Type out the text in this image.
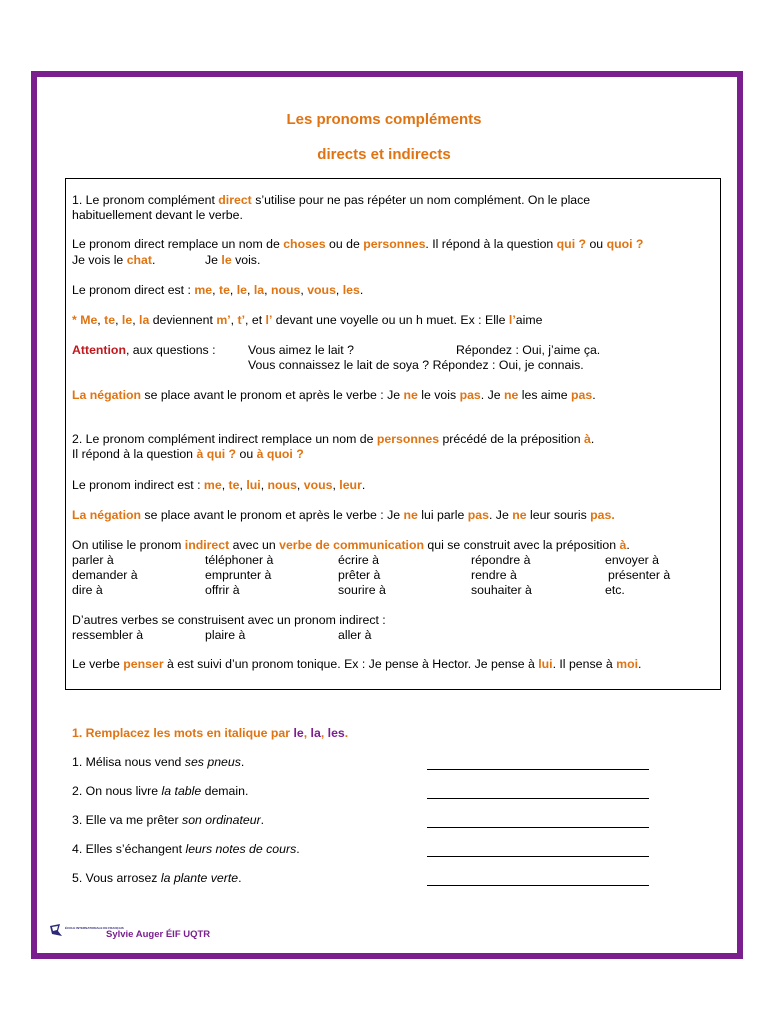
Les pronoms compléments
directs et indirects
1. Le pronom complément direct s’utilise pour ne pas répéter un nom complément. On le place
habituellement devant le verbe.
Le pronom direct remplace un nom de choses ou de personnes. Il répond à la question qui ? ou quoi ?
Je vois le chat.	Je le vois.
Le pronom direct est : me, te, le, la, nous, vous, les.
* Me, te, le, la deviennent m’, t’, et l’ devant une voyelle ou un h muet. Ex : Elle l’aime
Attention, aux questions :	Vous aimez le lait ?	Répondez : Oui, j’aime ça.
Vous connaissez le lait de soya ? Répondez : Oui, je connais.
La négation se place avant le pronom et après le verbe : Je ne le vois pas. Je ne les aime pas.
2. Le pronom complément indirect remplace un nom de personnes précédé de la préposition à.
Il répond à la question à qui ? ou à quoi ?
Le pronom indirect est : me, te, lui, nous, vous, leur.
La négation se place avant le pronom et après le verbe : Je ne lui parle pas. Je ne leur souris pas.
On utilise le pronom indirect avec un verbe de communication qui se construit avec la préposition à.
parler à	téléphoner à	écrire à	répondre à	envoyer à
demander à	emprunter à	prêter à	rendre à	présenter à
dire à	offrir à	sourire à	souhaiter à	etc.
D’autres verbes se construisent avec un pronom indirect :
ressembler à	plaire à	aller à
Le verbe penser à est suivi d’un pronom tonique. Ex : Je pense à Hector. Je pense à lui. Il pense à moi.
1. Remplacez les mots en italique par le, la, les.
1. Mélisa nous vend ses pneus.
2. On nous livre la table demain.
3. Elle va me prêter son ordinateur.
4. Elles s’échangent leurs notes de cours.
5. Vous arrosez la plante verte.
ÉCOLE INTERNATIONALE DE FRANÇAIS
Sylvie Auger ÉIF UQTR
